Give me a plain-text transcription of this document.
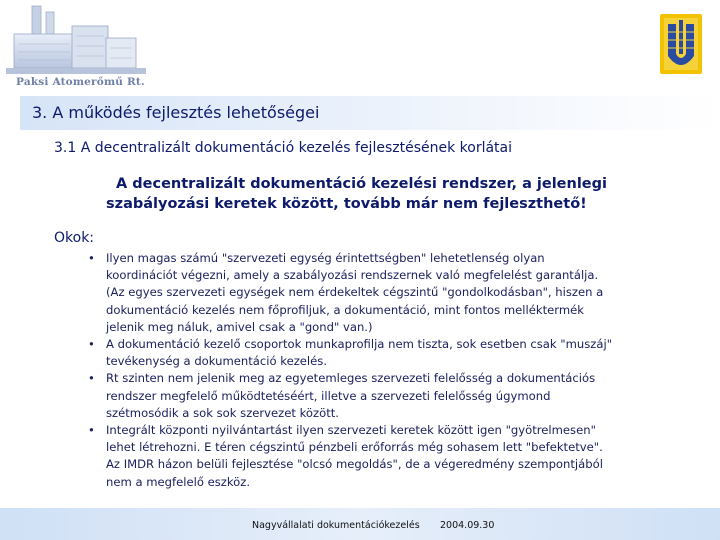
Paksi Atomerőmű Rt.
3. A működés fejlesztés lehetőségei
3.1 A decentralizált dokumentáció kezelés fejlesztésének korlátai
A decentralizált dokumentáció kezelési rendszer, a jelenlegi
szabályozási keretek között, tovább már nem fejleszthető!
Okok:
• Ilyen magas számú "szervezeti egység érintettségben" lehetetlenség olyan
koordinációt végezni, amely a szabályozási rendszernek való megfelelést garantálja.
(Az egyes szervezeti egységek nem érdekeltek cégszintű "gondolkodásban", hiszen a
dokumentáció kezelés nem főprofiljuk, a dokumentáció, mint fontos melléktermék
jelenik meg náluk, amivel csak a "gond" van.)
• A dokumentáció kezelő csoportok munkaprofilja nem tiszta, sok esetben csak "muszáj"
tevékenység a dokumentáció kezelés.
• Rt szinten nem jelenik meg az egyetemleges szervezeti felelősség a dokumentációs
rendszer megfelelő működtetéséért, illetve a szervezeti felelősség úgymond
szétmosódik a sok sok szervezet között.
• Integrált központi nyilvántartást ilyen szervezeti keretek között igen "gyötrelmesen"
lehet létrehozni. E téren cégszintű pénzbeli erőforrás még sohasem lett "befektetve".
Az IMDR házon belüli fejlesztése "olcsó megoldás", de a végeredmény szempontjából
nem a megfelelő eszköz.
Nagyvállalati dokumentációkezelés 2004.09.30
